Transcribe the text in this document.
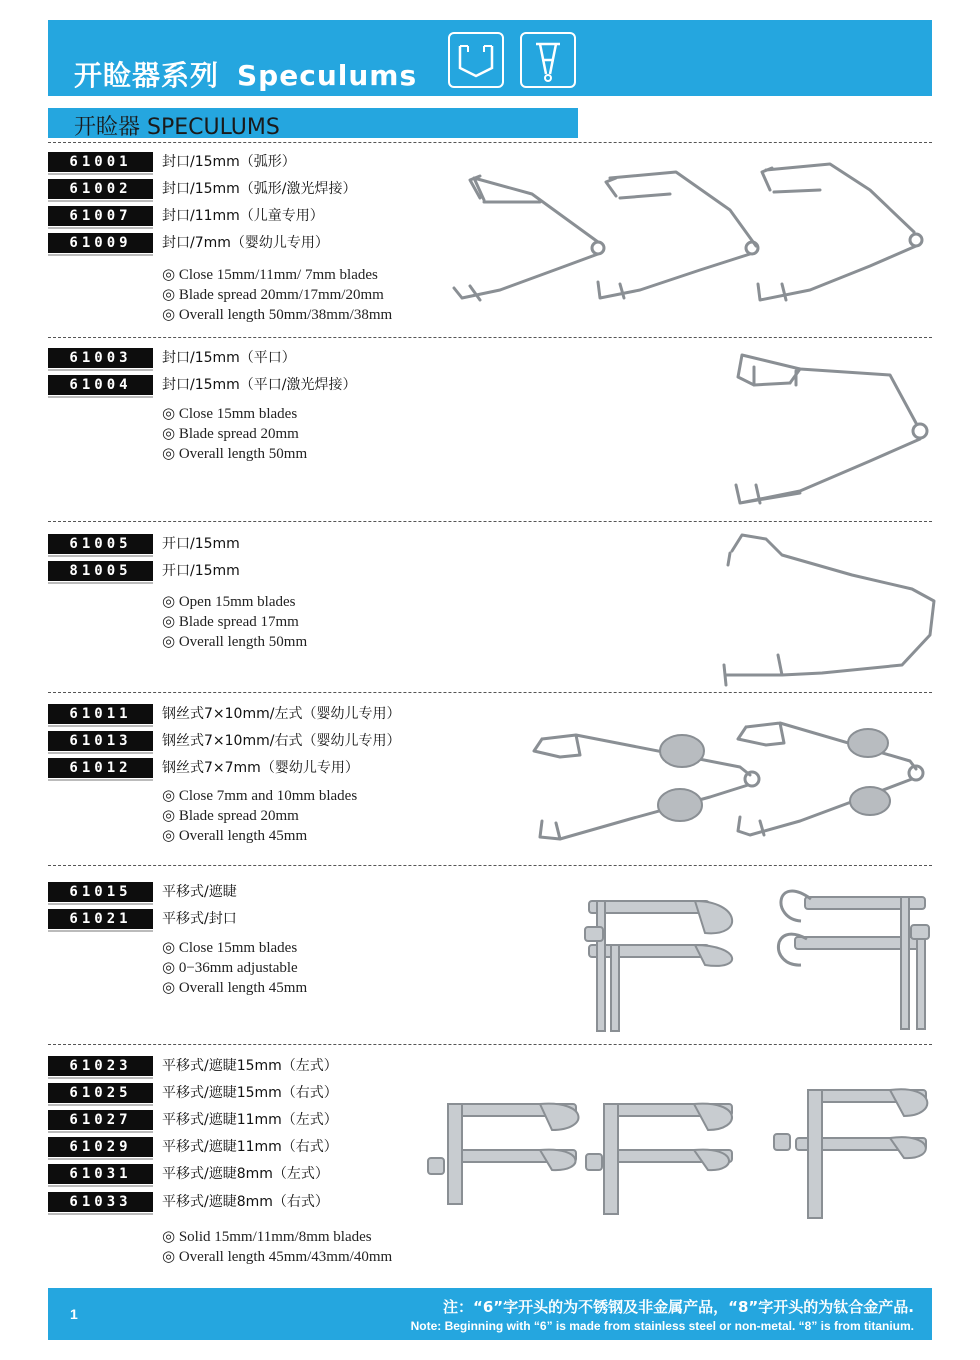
开睑器系列 Speculums
开睑器 SPECULUMS
61001	封口/15mm（弧形）
61002	封口/15mm（弧形/激光焊接）
61007	封口/11mm（儿童专用）
61009	封口/7mm（婴幼儿专用）
◎ Close 15mm/11mm/ 7mm blades
◎ Blade spread 20mm/17mm/20mm
◎ Overall length 50mm/38mm/38mm
61003	封口/15mm（平口）
61004	封口/15mm（平口/激光焊接）
◎ Close 15mm blades
◎ Blade spread 20mm
◎ Overall length 50mm
61005	开口/15mm
81005	开口/15mm
◎ Open 15mm blades
◎ Blade spread 17mm
◎ Overall length 50mm
61011	钢丝式7×10mm/左式（婴幼儿专用）
61013	钢丝式7×10mm/右式（婴幼儿专用）
61012	钢丝式7×7mm（婴幼儿专用）
◎ Close 7mm and 10mm blades
◎ Blade spread 20mm
◎ Overall length 45mm
61015	平移式/遮睫
61021	平移式/封口
◎ Close 15mm blades
◎ 0−36mm adjustable
◎ Overall length 45mm
61023	平移式/遮睫15mm（左式）
61025	平移式/遮睫15mm（右式）
61027	平移式/遮睫11mm（左式）
61029	平移式/遮睫11mm（右式）
61031	平移式/遮睫8mm（左式）
61033	平移式/遮睫8mm（右式）
◎ Solid 15mm/11mm/8mm blades
◎ Overall length 45mm/43mm/40mm
1	注：“6”字开头的为不锈钢及非金属产品，“8”字开头的为钛合金产品.
Note: Beginning with “6” is made from stainless steel or non-metal. “8” is from titanium.
